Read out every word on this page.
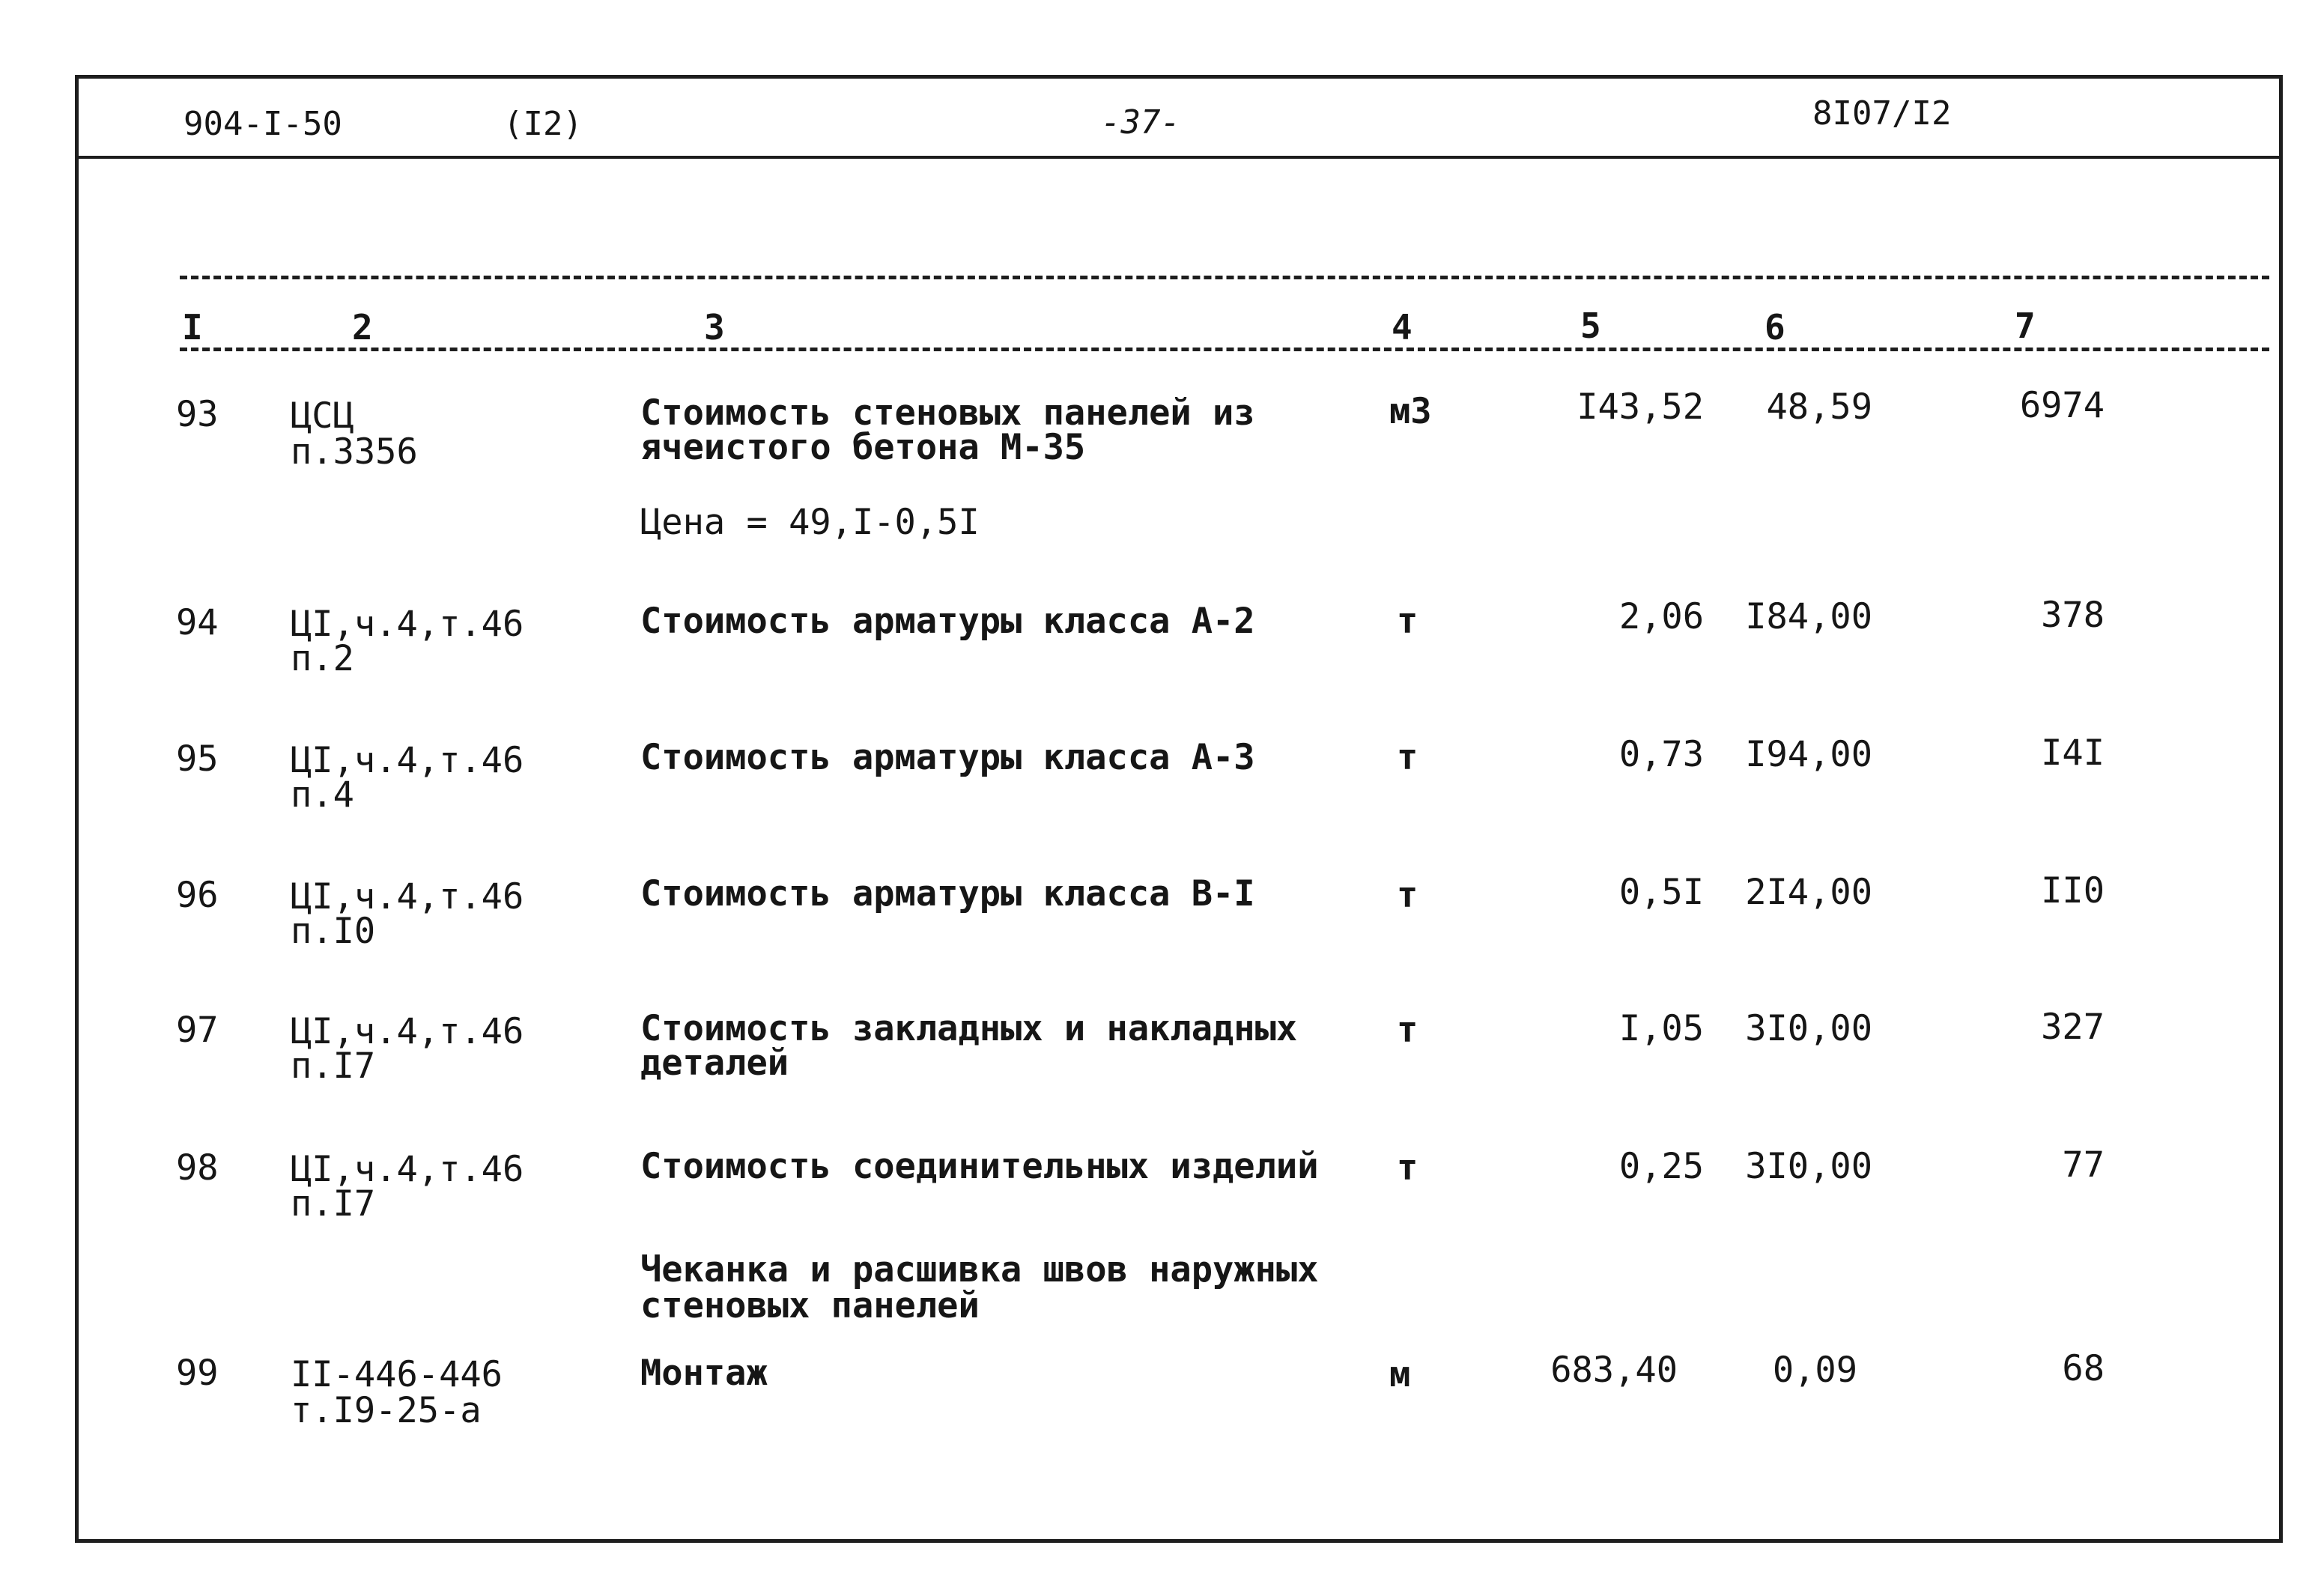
904-I-50	(I2)	-37-	8I07/I2
I	2	3	4	5	6	7
93 ЦСЦ
п.3356
Стоимость стеновых панелей из
ячеистого бетона М-35
м3	I43,52	48,59	6974
Цена = 49,I-0,5I
94 ЦI,ч.4,т.46
п.2
Стоимость арматуры класса А-2	т	2,06	I84,00	378
95 ЦI,ч.4,т.46
п.4
Стоимость арматуры класса А-3	т	0,73	I94,00	I4I
96 ЦI,ч.4,т.46
п.I0
Стоимость арматуры класса В-I	т	0,5I	2I4,00	II0
97 ЦI,ч.4,т.46
п.I7
Стоимость закладных и накладных
деталей
т	I,05	3I0,00	327
98 ЦI,ч.4,т.46
п.I7
Стоимость соединительных изделий т	0,25	3I0,00	77
Чеканка и расшивка швов наружных
стеновых панелей
99 II-446-446
т.I9-25-а
Монтаж	м	683,40	0,09	68
